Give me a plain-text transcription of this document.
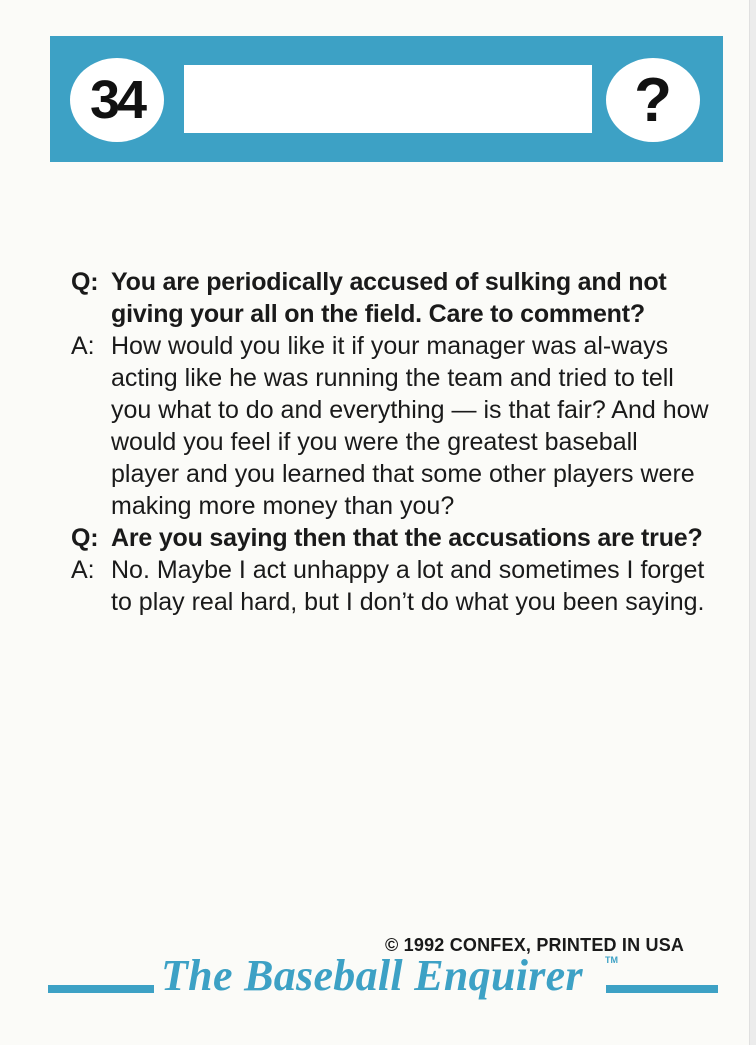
34	?
Q: You are periodically accused of sulking and not giving your all on the field. Care to comment?
A: How would you like it if your manager was al-ways acting like he was running the team and tried to tell you what to do and everything — is that fair? And how would you feel if you were the greatest baseball player and you learned that some other players were making more money than you?
Q: Are you saying then that the accusations are true?
A: No. Maybe I act unhappy a lot and sometimes I forget to play real hard, but I don’t do what you been saying.
© 1992 CONFEX, PRINTED IN USA
The Baseball Enquirer TM
